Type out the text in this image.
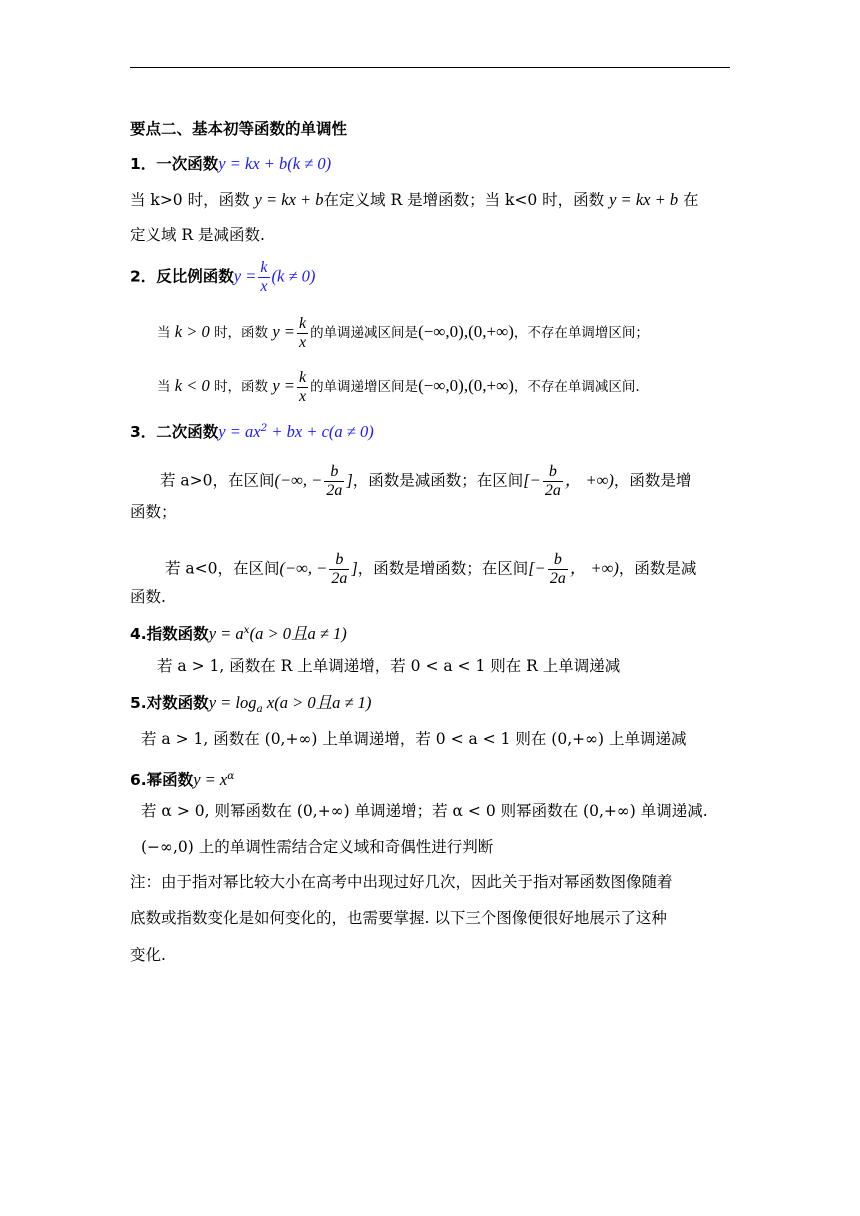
要点二、基本初等函数的单调性
1．一次函数y = kx + b(k ≠ 0)
当 k>0 时，函数 y = kx + b在定义域 R 是增函数；当 k<0 时，函数 y = kx + b 在
定义域 R 是减函数.
2．反比例函数$y = \frac{k}{x} (k \ne 0)$
当 k > 0 时，函数 $y = \frac{k}{x}$ 的单调递减区间是(−∞,0),(0,+∞)，不存在单调增区间；
当 k < 0 时，函数 $y = \frac{k}{x}$ 的单调递增区间是(−∞,0),(0,+∞)，不存在单调减区间.
3．二次函数$y = ax^2$ + bx + c(a ≠ 0)
若 a>0，在区间(−∞, − $\frac{b}{2a}$ ]，函数是减函数；在区间[− $\frac{b}{2a}$ ， +∞)，函数是增
函数；
若 a<0，在区间(−∞, − $\frac{b}{2a}$ ]，函数是增函数；在区间[− $\frac{b}{2a}$ ， +∞)，函数是减
函数.
4.指数函数$y = a^x(a > 0$且a ≠ 1)
若 a > 1, 函数在 R 上单调递增，若 0 < a < 1 则在 R 上单调递减
5.对数函数$y = \log_a x(a > 0$且a ≠ 1)
若 a > 1, 函数在 (0,+∞) 上单调递增，若 0 < a < 1 则在 (0,+∞) 上单调递减
6.幂函数$y = x^\alpha$
若 α > 0, 则幂函数在 (0,+∞) 单调递增；若 α < 0 则幂函数在 (0,+∞) 单调递减.
(−∞,0) 上的单调性需结合定义域和奇偶性进行判断
注：由于指对幂比较大小在高考中出现过好几次，因此关于指对幂函数图像随着
底数或指数变化是如何变化的，也需要掌握. 以下三个图像便很好地展示了这种
变化.
